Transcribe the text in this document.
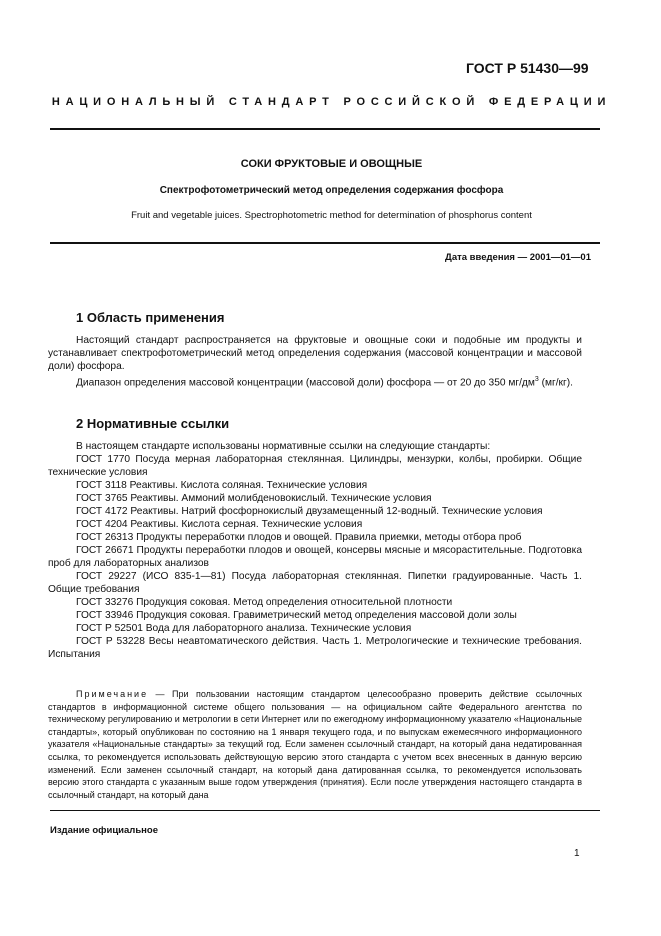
ГОСТ Р 51430—99
НАЦИОНАЛЬНЫЙ СТАНДАРТ РОССИЙСКОЙ ФЕДЕРАЦИИ
СОКИ ФРУКТОВЫЕ И ОВОЩНЫЕ
Спектрофотометрический метод определения содержания фосфора
Fruit and vegetable juices. Spectrophotometric method for determination of phosphorus content
Дата введения — 2001—01—01
1 Область применения

Настоящий стандарт распространяется на фруктовые и овощные соки и подобные им продукты и устанавливает спектрофотометрический метод определения содержания (массовой концентрации и массовой доли) фосфора.

Диапазон определения массовой концентрации (массовой доли) фосфора — от 20 до 350 $мг/дм^3$ (мг/кг).

2 Нормативные ссылки

В настоящем стандарте использованы нормативные ссылки на следующие стандарты:

ГОСТ 1770 Посуда мерная лабораторная стеклянная. Цилиндры, мензурки, колбы, пробирки. Общие технические условия

ГОСТ 3118 Реактивы. Кислота соляная. Технические условия

ГОСТ 3765 Реактивы. Аммоний молибденовокислый. Технические условия

ГОСТ 4172 Реактивы. Натрий фосфорнокислый двузамещенный 12-водный. Технические условия

ГОСТ 4204 Реактивы. Кислота серная. Технические условия

ГОСТ 26313 Продукты переработки плодов и овощей. Правила приемки, методы отбора проб

ГОСТ 26671 Продукты переработки плодов и овощей, консервы мясные и мясорастительные. Подготовка проб для лабораторных анализов

ГОСТ 29227 (ИСО 835-1—81) Посуда лабораторная стеклянная. Пипетки градуированные. Часть 1. Общие требования

ГОСТ 33276 Продукция соковая. Метод определения относительной плотности

ГОСТ 33946 Продукция соковая. Гравиметрический метод определения массовой доли золы

ГОСТ Р 52501 Вода для лабораторного анализа. Технические условия

ГОСТ Р 53228 Весы неавтоматического действия. Часть 1. Метрологические и технические требования. Испытания

Примечание — При пользовании настоящим стандартом целесообразно проверить действие ссылочных стандартов в информационной системе общего пользования — на официальном сайте Федерального агентства по техническому регулированию и метрологии в сети Интернет или по ежегодному информационному указателю «Национальные стандарты», который опубликован по состоянию на 1 января текущего года, и по выпускам ежемесячного информационного указателя «Национальные стандарты» за текущий год. Если заменен ссылочный стандарт, на который дана недатированная ссылка, то рекомендуется использовать действующую версию этого стандарта с учетом всех внесенных в данную версию изменений. Если заменен ссылочный стандарт, на который дана датированная ссылка, то рекомендуется использовать версию этого стандарта с указанным выше годом утверждения (принятия). Если после утверждения настоящего стандарта в ссылочный стандарт, на который дана
Издание официальное
1
